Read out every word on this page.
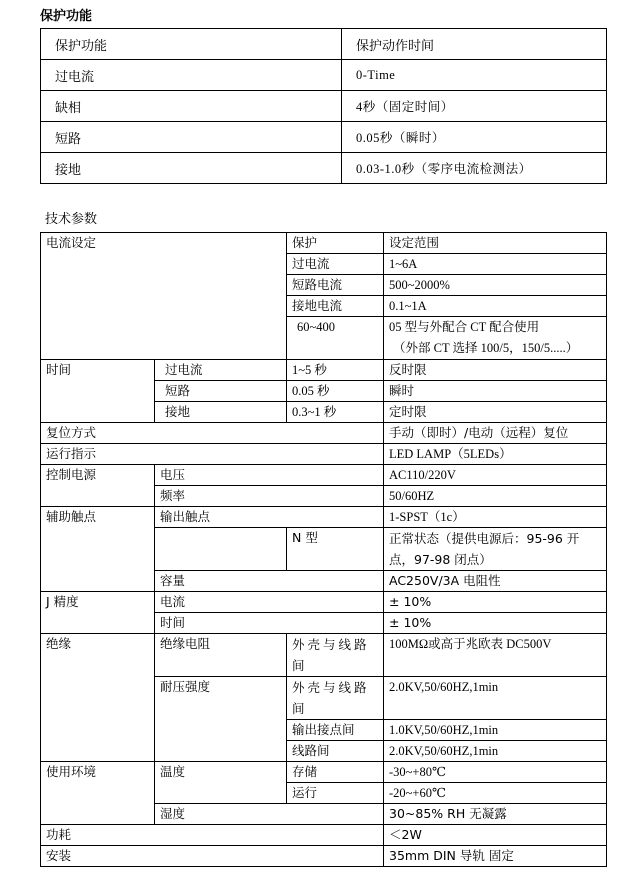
保护功能
保护功能	保护动作时间
过电流	0-Time
缺相	4秒（固定时间）
短路	0.05秒（瞬时）
接地	0.03-1.0秒（零序电流检测法）
技术参数
电流设定		保护	设定范围
		过电流	1~6A
		短路电流	500~2000%
		接地电流	0.1~1A
		60~400	05 型与外配合 CT 配合使用
（外部 CT 选择 100/5，150/5.....）

时间	过电流	1~5 秒	反时限
	短路	0.05 秒	瞬时
	接地	0.3~1 秒	定时限
复位方式			手动（即时）/电动（远程）复位
运行指示			LED LAMP（5LEDs）
控制电源	电压		AC110/220V
	频率		50/60HZ
辅助触点	输出触点		1-SPST（1c）
		N 型	正常状态（提供电源后：95-96 开点，97-98 闭点）
	容量		AC250V/3A 电阻性
J 精度	电流		± 10%
	时间		± 10%
绝缘	绝缘电阻	外壳与线路间	100MΩ或高于兆欧表 DC500V
	耐压强度	外壳与线路间	2.0KV,50/60HZ,1min
		输出接点间	1.0KV,50/60HZ,1min
		线路间	2.0KV,50/60HZ,1min
使用环境	温度	存储	-30~+80℃
		运行	-20~+60℃
	湿度		30~85% RH 无凝露
功耗			＜2W
安装			35mm DIN 导轨 固定
